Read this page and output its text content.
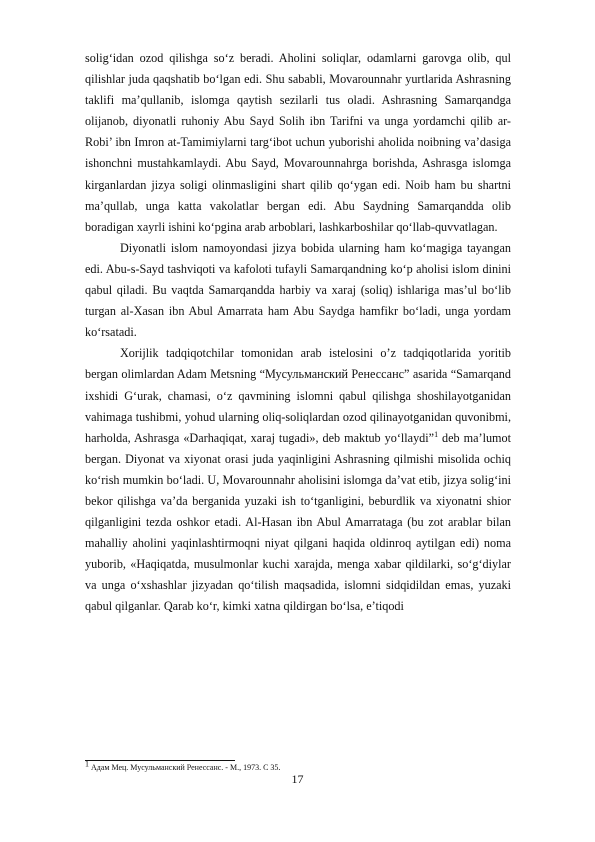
solig‘idan ozod qilishga so‘z beradi. Aholini soliqlar, odamlarni garovga olib, qul qilishlar juda qaqshatib bo‘lgan edi. Shu sababli, Movarounnahr yurtlarida Ashrasning taklifi ma’qullanib, islomga qaytish sezilarli tus oladi. Ashrasning Samarqandga olijanob, diyonatli ruhoniy Abu Sayd Solih ibn Tarifni va unga yordamchi qilib ar-Robi’ ibn Imron at-Tamimiylarni targ‘ibot uchun yuborishi aholida noibning va’dasiga ishonchni mustahkamlaydi. Abu Sayd, Movarounnahrga borishda, Ashrasga islomga kirganlardan jizya soligi olinmasligini shart qilib qo‘ygan edi. Noib ham bu shartni ma’qullab, unga katta vakolatlar bergan edi. Abu Saydning Samarqandda olib boradigan xayrli ishini ko‘pgina arab arboblari, lashkarboshilar qo‘llab-quvvatlagan.

Diyonatli islom namoyondasi jizya bobida ularning ham ko‘magiga tayangan edi. Abu-s-Sayd tashviqoti va kafoloti tufayli Samarqandning ko‘p aholisi islom dinini qabul qiladi. Bu vaqtda Samarqandda harbiy va xaraj (soliq) ishlariga mas’ul bo‘lib turgan al-Xasan ibn Abul Amarrata ham Abu Saydga hamfikr bo‘ladi, unga yordam ko‘rsatadi.

Xorijlik tadqiqotchilar tomonidan arab istelosini o’z tadqiqotlarida yoritib bergan olimlardan Adam Metsning “Мусульманский Ренессанс” asarida “Samarqand ixshidi G‘urak, chamasi, o‘z qavmining islomni qabul qilishga shoshilayotganidan vahimaga tushibmi, yohud ularning oliq-soliqlardan ozod qilinayotganidan quvonibmi, harholda, Ashrasga «Darhaqiqat, xaraj tugadi», deb maktub yo‘llaydi”$^1$ deb ma’lumot bergan. Diyonat va xiyonat orasi juda yaqinligini Ashrasning qilmishi misolida ochiq ko‘rish mumkin bo‘ladi. U, Movarounnahr aholisini islomga da’vat etib, jizya solig‘ini bekor qilishga va’da berganida yuzaki ish to‘tganligini, beburdlik va xiyonatni shior qilganligini tezda oshkor etadi. Al-Hasan ibn Abul Amarrataga (bu zot arablar bilan mahalliy aholini yaqinlashtirmoqni niyat qilgani haqida oldinroq aytilgan edi) noma yuborib, «Haqiqatda, musulmonlar kuchi xarajda, menga xabar qildilarki, so‘g‘diylar va unga o‘xshashlar jizyadan qo‘tilish maqsadida, islomni sidqidildan emas, yuzaki qabul qilganlar. Qarab ko‘r, kimki xatna qildirgan bo‘lsa, e’tiqodi

$^1$ Адам Мец. Мусульманский Ренессанс. - М., 1973. С 35.
17
